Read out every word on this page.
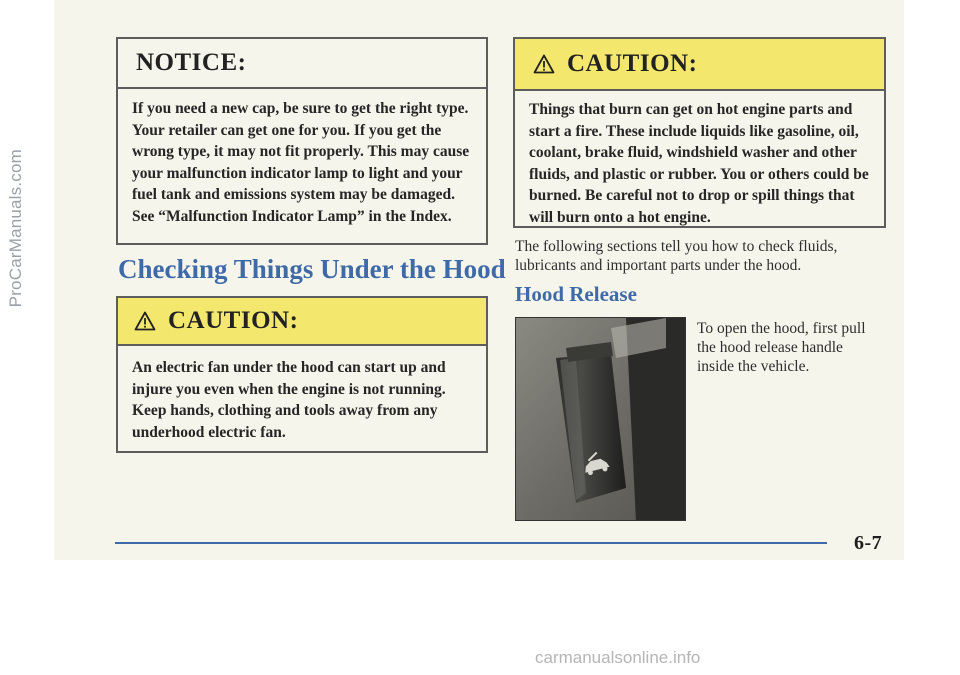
ProCarManuals.com
NOTICE:
If you need a new cap, be sure to get the right type. Your retailer can get one for you. If you get the wrong type, it may not fit properly. This may cause your malfunction indicator lamp to light and your fuel tank and emissions system may be damaged. See “Malfunction Indicator Lamp” in the Index.
Checking Things Under the Hood
CAUTION:
An electric fan under the hood can start up and injure you even when the engine is not running. Keep hands, clothing and tools away from any underhood electric fan.
CAUTION:
Things that burn can get on hot engine parts and start a fire. These include liquids like gasoline, oil, coolant, brake fluid, windshield washer and other fluids, and plastic or rubber. You or others could be burned. Be careful not to drop or spill things that will burn onto a hot engine.
The following sections tell you how to check fluids, lubricants and important parts under the hood.
Hood Release
To open the hood, first pull the hood release handle inside the vehicle.
6-7
carmanualsonline.info
